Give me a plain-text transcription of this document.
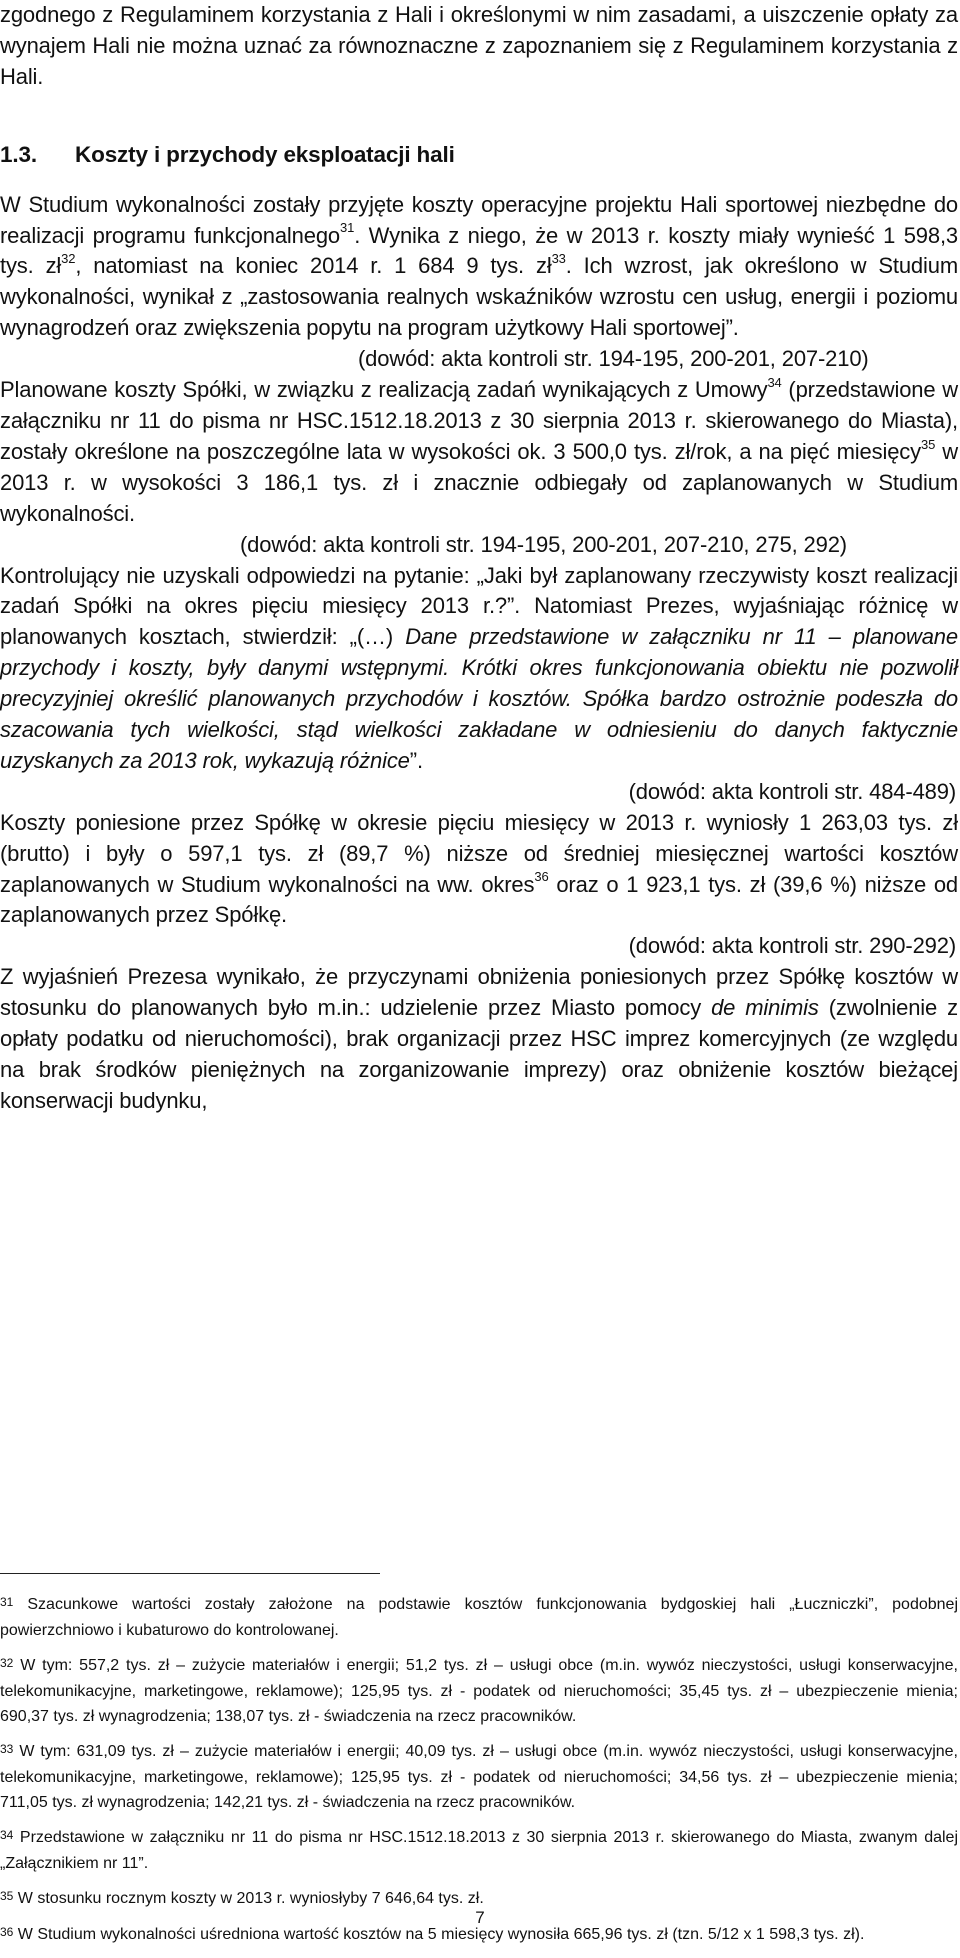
zgodnego z Regulaminem korzystania z Hali i określonymi w nim zasadami, a uiszczenie opłaty za wynajem Hali nie można uznać za równoznaczne z zapoznaniem się z Regulaminem korzystania z Hali.

1.3. Koszty i przychody eksploatacji hali

W Studium wykonalności zostały przyjęte koszty operacyjne projektu Hali sportowej niezbędne do realizacji programu funkcjonalnego$^{31}$. Wynika z niego, że w 2013 r. koszty miały wynieść 1 598,3 tys. $zł^{32}$, natomiast na koniec 2014 r. 1 684 9 tys. $zł^{33}$. Ich wzrost, jak określono w Studium wykonalności, wynikał z „zastosowania realnych wskaźników wzrostu cen usług, energii i poziomu wynagrodzeń oraz zwiększenia popytu na program użytkowy Hali sportowej”.

(dowód: akta kontroli str. 194-195, 200-201, 207-210)

Planowane koszty Spółki, w związku z realizacją zadań wynikających z Umowy$^{34}$ (przedstawione w załączniku nr 11 do pisma nr HSC.1512.18.2013 z 30 sierpnia 2013 r. skierowanego do Miasta), zostały określone na poszczególne lata w wysokości ok. 3 500,0 tys. zł/rok, a na pięć miesięcy$^{35}$ w 2013 r. w wysokości 3 186,1 tys. zł i znacznie odbiegały od zaplanowanych w Studium wykonalności.

(dowód: akta kontroli str. 194-195, 200-201, 207-210, 275, 292)

Kontrolujący nie uzyskali odpowiedzi na pytanie: „Jaki był zaplanowany rzeczywisty koszt realizacji zadań Spółki na okres pięciu miesięcy 2013 r.?”. Natomiast Prezes, wyjaśniając różnicę w planowanych kosztach, stwierdził: „(…) Dane przedstawione w załączniku nr 11 – planowane przychody i koszty, były danymi wstępnymi. Krótki okres funkcjonowania obiektu nie pozwolił precyzyjniej określić planowanych przychodów i kosztów. Spółka bardzo ostrożnie podeszła do szacowania tych wielkości, stąd wielkości zakładane w odniesieniu do danych faktycznie uzyskanych za 2013 rok, wykazują różnice”.

(dowód: akta kontroli str. 484-489)

Koszty poniesione przez Spółkę w okresie pięciu miesięcy w 2013 r. wyniosły 1 263,03 tys. zł (brutto) i były o 597,1 tys. zł (89,7 %) niższe od średniej miesięcznej wartości kosztów zaplanowanych w Studium wykonalności na ww. okres$^{36}$ oraz o 1 923,1 tys. zł (39,6 %) niższe od zaplanowanych przez Spółkę.

(dowód: akta kontroli str. 290-292)

Z wyjaśnień Prezesa wynikało, że przyczynami obniżenia poniesionych przez Spółkę kosztów w stosunku do planowanych było m.in.: udzielenie przez Miasto pomocy de minimis (zwolnienie z opłaty podatku od nieruchomości), brak organizacji przez HSC imprez komercyjnych (ze względu na brak środków pieniężnych na zorganizowanie imprezy) oraz obniżenie kosztów bieżącej konserwacji budynku,

31 Szacunkowe wartości zostały założone na podstawie kosztów funkcjonowania bydgoskiej hali „Łuczniczki”, podobnej powierzchniowo i kubaturowo do kontrolowanej.

32 W tym: 557,2 tys. zł – zużycie materiałów i energii; 51,2 tys. zł – usługi obce (m.in. wywóz nieczystości, usługi konserwacyjne, telekomunikacyjne, marketingowe, reklamowe); 125,95 tys. zł - podatek od nieruchomości; 35,45 tys. zł – ubezpieczenie mienia; 690,37 tys. zł wynagrodzenia; 138,07 tys. zł - świadczenia na rzecz pracowników.

33 W tym: 631,09 tys. zł – zużycie materiałów i energii; 40,09 tys. zł – usługi obce (m.in. wywóz nieczystości, usługi konserwacyjne, telekomunikacyjne, marketingowe, reklamowe); 125,95 tys. zł - podatek od nieruchomości; 34,56 tys. zł – ubezpieczenie mienia; 711,05 tys. zł wynagrodzenia; 142,21 tys. zł - świadczenia na rzecz pracowników.

34 Przedstawione w załączniku nr 11 do pisma nr HSC.1512.18.2013 z 30 sierpnia 2013 r. skierowanego do Miasta, zwanym dalej „Załącznikiem nr 11”.

35 W stosunku rocznym koszty w 2013 r. wyniosłyby 7 646,64 tys. zł.

36 W Studium wykonalności uśredniona wartość kosztów na 5 miesięcy wynosiła 665,96 tys. zł (tzn. 5/12 x 1 598,3 tys. zł).

7
